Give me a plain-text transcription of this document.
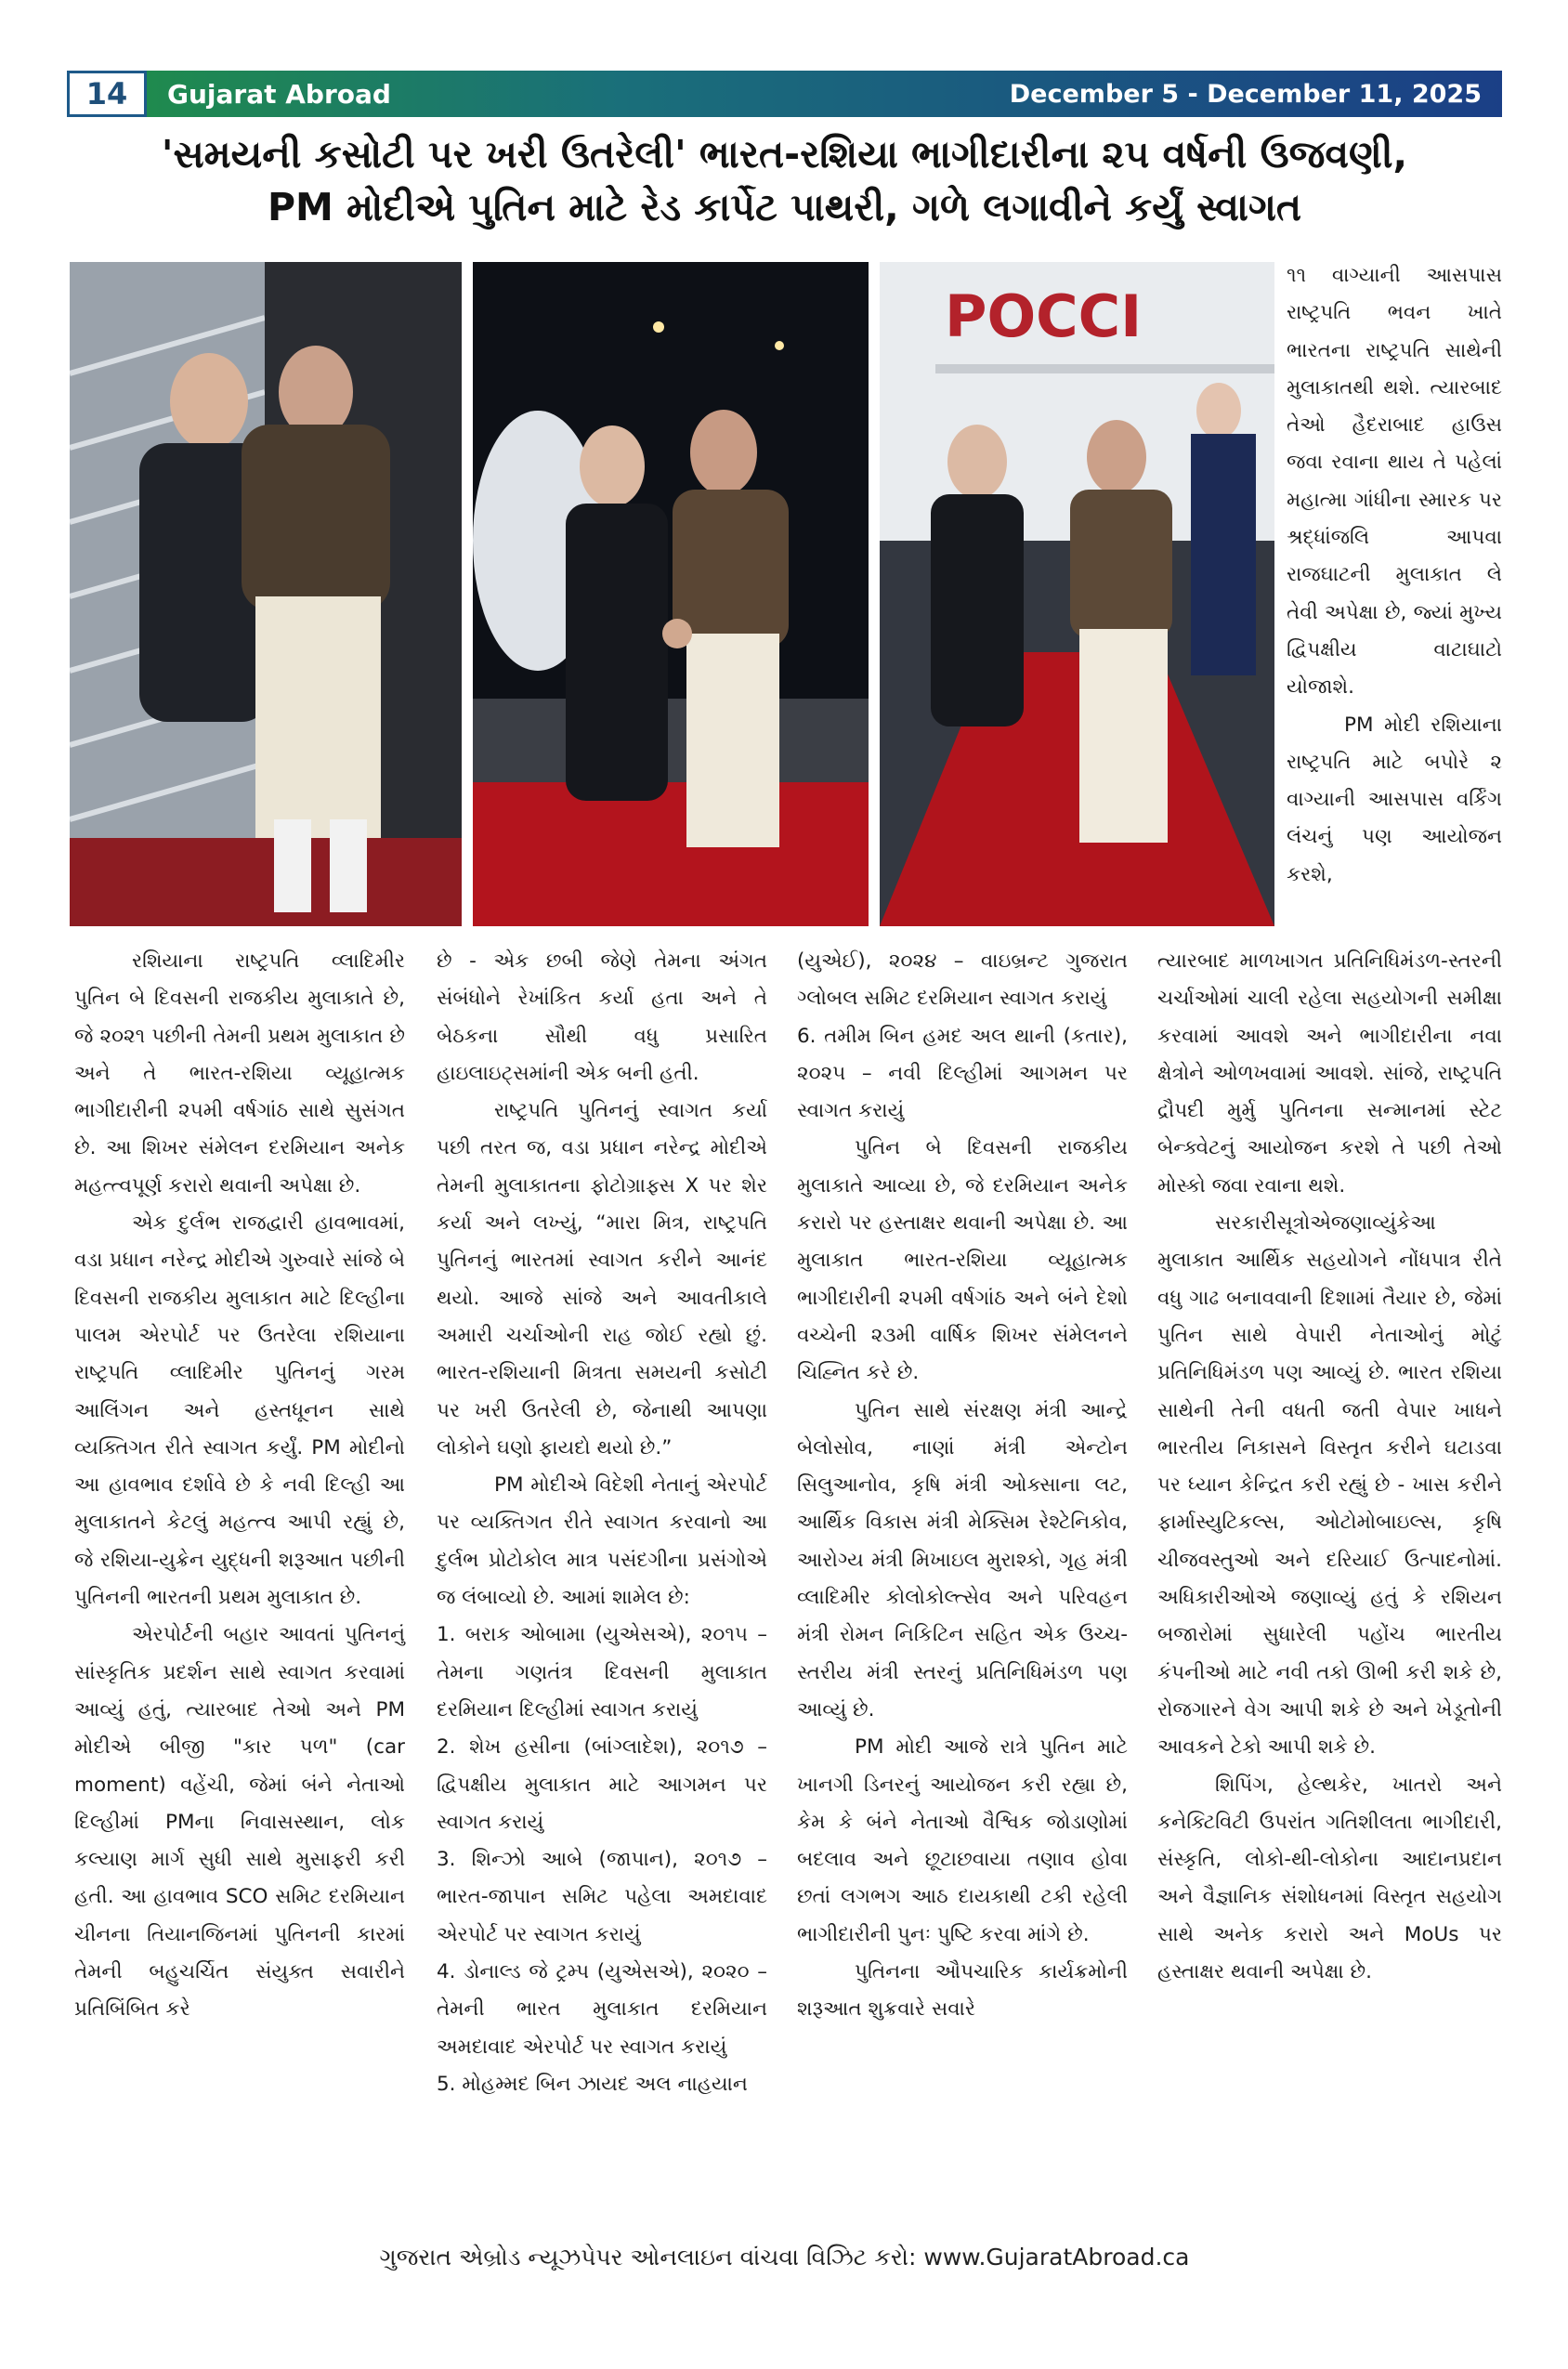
14	Gujarat Abroad	December 5 - December 11, 2025
'સમયની કસોટી પર ખરી ઉતરેલી' ભારત-રશિયા ભાગીદારીના ૨૫ વર્ષની ઉજવણી,
PM મોદીએ પુતિન માટે રેડ કાર્પેટ પાથરી, ગળે લગાવીને કર્યું સ્વાગત
POCCI

૧૧ વાગ્યાની આસપાસ રાષ્ટ્રપતિ ભવન ખાતે ભારતના રાષ્ટ્રપતિ સાથેની મુલાકાતથી થશે. ત્યારબાદ તેઓ હૈદરાબાદ હાઉસ જવા રવાના થાય તે પહેલાં મહાત્મા ગાંધીના સ્મારક પર શ્રદ્ધાંજલિ આપવા રાજઘાટની મુલાકાત લે તેવી અપેક્ષા છે, જ્યાં મુખ્ય દ્વિપક્ષીય વાટાઘાટો યોજાશે.

PM મોદી રશિયાના રાષ્ટ્રપતિ માટે બપોરે ૨ વાગ્યાની આસપાસ વર્કિંગ લંચનું પણ આયોજન કરશે,

રશિયાના રાષ્ટ્રપતિ વ્લાદિમીર પુતિન બે દિવસની રાજકીય મુલાકાતે છે, જે ૨૦૨૧ પછીની તેમની પ્રથમ મુલાકાત છે અને તે ભારત-રશિયા વ્યૂહાત્મક ભાગીદારીની ૨૫મી વર્ષગાંઠ સાથે સુસંગત છે. આ શિખર સંમેલન દરમિયાન અનેક મહત્ત્વપૂર્ણ કરારો થવાની અપેક્ષા છે.

એક દુર્લભ રાજદ્વારી હાવભાવમાં, વડા પ્રધાન નરેન્દ્ર મોદીએ ગુરુવારે સાંજે બે દિવસની રાજકીય મુલાકાત માટે દિલ્હીના પાલમ એરપોર્ટ પર ઉતરેલા રશિયાના રાષ્ટ્રપતિ વ્લાદિમીર પુતિનનું ગરમ આલિંગન અને હસ્તધૂનન સાથે વ્યક્તિગત રીતે સ્વાગત કર્યું. PM મોદીનો આ હાવભાવ દર્શાવે છે કે નવી દિલ્હી આ મુલાકાતને કેટલું મહત્ત્વ આપી રહ્યું છે, જે રશિયા-યુક્રેન યુદ્ધની શરૂઆત પછીની પુતિનની ભારતની પ્રથમ મુલાકાત છે.

એરપોર્ટની બહાર આવતાં પુતિનનું સાંસ્કૃતિક પ્રદર્શન સાથે સ્વાગત કરવામાં આવ્યું હતું, ત્યારબાદ તેઓ અને PM મોદીએ બીજી "કાર પળ" (car moment) વહેંચી, જેમાં બંને નેતાઓ દિલ્હીમાં PMના નિવાસસ્થાન, લોક કલ્યાણ માર્ગ સુધી સાથે મુસાફરી કરી હતી. આ હાવભાવ SCO સમિટ દરમિયાન ચીનના તિયાનજિનમાં પુતિનની કારમાં તેમની બહુચર્ચિત સંયુક્ત સવારીને પ્રતિબિંબિત કરે

છે - એક છબી જેણે તેમના અંગત સંબંધોને રેખાંકિત કર્યા હતા અને તે બેઠકના સૌથી વધુ પ્રસારિત હાઇલાઇટ્સમાંની એક બની હતી.

રાષ્ટ્રપતિ પુતિનનું સ્વાગત કર્યા પછી તરત જ, વડા પ્રધાન નરેન્દ્ર મોદીએ તેમની મુલાકાતના ફોટોગ્રાફ્સ X પર શેર કર્યા અને લખ્યું, “મારા મિત્ર, રાષ્ટ્રપતિ પુતિનનું ભારતમાં સ્વાગત કરીને આનંદ થયો. આજે સાંજે અને આવતીકાલે અમારી ચર્ચાઓની રાહ જોઈ રહ્યો છું. ભારત-રશિયાની મિત્રતા સમયની કસોટી પર ખરી ઉતરેલી છે, જેનાથી આપણા લોકોને ઘણો ફાયદો થયો છે.”

PM મોદીએ વિદેશી નેતાનું એરપોર્ટ પર વ્યક્તિગત રીતે સ્વાગત કરવાનો આ દુર્લભ પ્રોટોકોલ માત્ર પસંદગીના પ્રસંગોએ જ લંબાવ્યો છે. આમાં શામેલ છે:

1. બરાક ઓબામા (યુએસએ), ૨૦૧૫ – તેમના ગણતંત્ર દિવસની મુલાકાત દરમિયાન દિલ્હીમાં સ્વાગત કરાયું

2. શેખ હસીના (બાંગ્લાદેશ), ૨૦૧૭ – દ્વિપક્ષીય મુલાકાત માટે આગમન પર સ્વાગત કરાયું

3. શિન્ઝો આબે (જાપાન), ૨૦૧૭ – ભારત-જાપાન સમિટ પહેલા અમદાવાદ એરપોર્ટ પર સ્વાગત કરાયું

4. ડોનાલ્ડ જે ટ્રમ્પ (યુએસએ), ૨૦૨૦ – તેમની ભારત મુલાકાત દરમિયાન અમદાવાદ એરપોર્ટ પર સ્વાગત કરાયું

5. મોહમ્મદ બિન ઝાયદ અલ નાહયાન

(યુએઈ), ૨૦૨૪ – વાઇબ્રન્ટ ગુજરાત ગ્લોબલ સમિટ દરમિયાન સ્વાગત કરાયું

6. તમીમ બિન હમદ અલ થાની (કતાર), ૨૦૨૫ – નવી દિલ્હીમાં આગમન પર સ્વાગત કરાયું

પુતિન બે દિવસની રાજકીય મુલાકાતે આવ્યા છે, જે દરમિયાન અનેક કરારો પર હસ્તાક્ષર થવાની અપેક્ષા છે. આ મુલાકાત ભારત-રશિયા વ્યૂહાત્મક ભાગીદારીની ૨૫મી વર્ષગાંઠ અને બંને દેશો વચ્ચેની ૨૩મી વાર્ષિક શિખર સંમેલનને ચિહ્નિત કરે છે.

પુતિન સાથે સંરક્ષણ મંત્રી આન્દ્રે બેલોસોવ, નાણાં મંત્રી એન્ટોન સિલુઆનોવ, કૃષિ મંત્રી ઓક્સાના લટ, આર્થિક વિકાસ મંત્રી મેક્સિમ રેશ્ટેનિકોવ, આરોગ્ય મંત્રી મિખાઇલ મુરાશ્કો, ગૃહ મંત્રી વ્લાદિમીર કોલોકોલ્ત્સેવ અને પરિવહન મંત્રી રોમન નિકિટિન સહિત એક ઉચ્ચ-સ્તરીય મંત્રી સ્તરનું પ્રતિનિધિમંડળ પણ આવ્યું છે.

PM મોદી આજે રાત્રે પુતિન માટે ખાનગી ડિનરનું આયોજન કરી રહ્યા છે, કેમ કે બંને નેતાઓ વૈશ્વિક જોડાણોમાં બદલાવ અને છૂટાછવાયા તણાવ હોવા છતાં લગભગ આઠ દાયકાથી ટકી રહેલી ભાગીદારીની પુનઃ પુષ્ટિ કરવા માંગે છે.

પુતિનના ઔપચારિક કાર્યક્રમોની શરૂઆત શુક્રવારે સવારે

ત્યારબાદ માળખાગત પ્રતિનિધિમંડળ-સ્તરની ચર્ચાઓમાં ચાલી રહેલા સહયોગની સમીક્ષા કરવામાં આવશે અને ભાગીદારીના નવા ક્ષેત્રોને ઓળખવામાં આવશે. સાંજે, રાષ્ટ્રપતિ દ્રૌપદી મુર્મુ પુતિનના સન્માનમાં સ્ટેટ બેન્ક્વેટનું આયોજન કરશે તે પછી તેઓ મોસ્કો જવા રવાના થશે.

સરકારીસૂત્રોએજણાવ્યુંકેઆ મુલાકાત આર્થિક સહયોગને નોંધપાત્ર રીતે વધુ ગાઢ બનાવવાની દિશામાં તૈયાર છે, જેમાં પુતિન સાથે વેપારી નેતાઓનું મોટું પ્રતિનિધિમંડળ પણ આવ્યું છે. ભારત રશિયા સાથેની તેની વધતી જતી વેપાર ખાધને ભારતીય નિકાસને વિસ્તૃત કરીને ઘટાડવા પર ધ્યાન કેન્દ્રિત કરી રહ્યું છે - ખાસ કરીને ફાર્માસ્યુટિકલ્સ, ઓટોમોબાઇલ્સ, કૃષિ ચીજવસ્તુઓ અને દરિયાઈ ઉત્પાદનોમાં. અધિકારીઓએ જણાવ્યું હતું કે રશિયન બજારોમાં સુધારેલી પહોંચ ભારતીય કંપનીઓ માટે નવી તકો ઊભી કરી શકે છે, રોજગારને વેગ આપી શકે છે અને ખેડૂતોની આવકને ટેકો આપી શકે છે.

શિપિંગ, હેલ્થકેર, ખાતરો અને કનેક્ટિવિટી ઉપરાંત ગતિશીલતા ભાગીદારી, સંસ્કૃતિ, લોકો-થી-લોકોના આદાનપ્રદાન અને વૈજ્ઞાનિક સંશોધનમાં વિસ્તૃત સહયોગ સાથે અનેક કરારો અને MoUs પર હસ્તાક્ષર થવાની અપેક્ષા છે.

ગુજરાત એબ્રોડ ન્યૂઝપેપર ઓનલાઇન વાંચવા વિઝિટ કરો: www.GujaratAbroad.ca
